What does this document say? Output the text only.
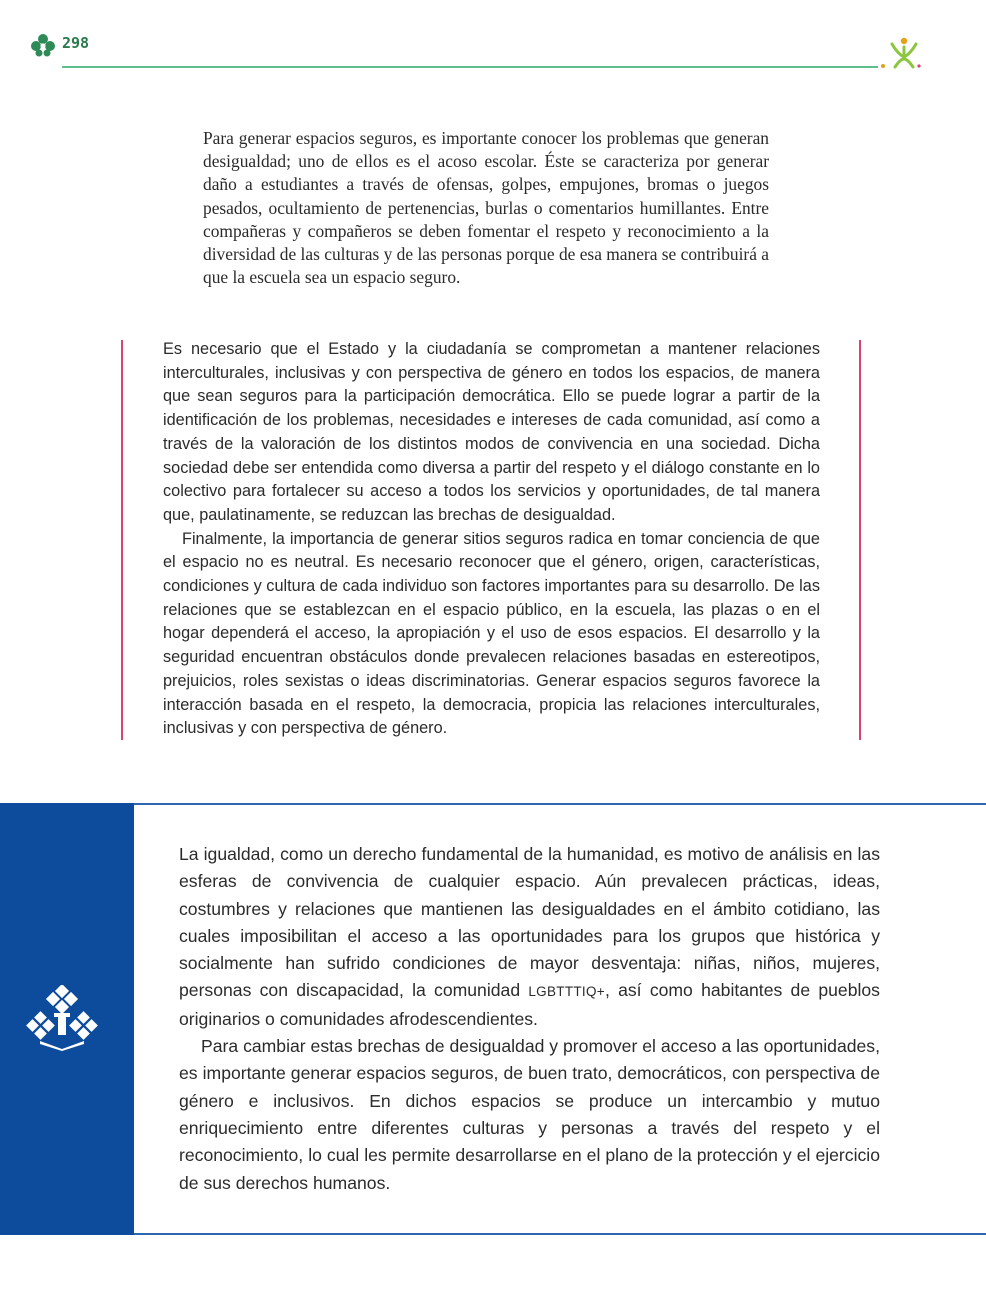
298

Para generar espacios seguros, es importante conocer los problemas que generan desigualdad; uno de ellos es el acoso escolar. Éste se caracteriza por generar daño a estudiantes a través de ofensas, golpes, empujones, bromas o juegos pesados, ocultamiento de pertenencias, burlas o comentarios humillantes. Entre compañeras y compañeros se deben fomentar el respeto y reconocimiento a la diversidad de las culturas y de las personas porque de esa manera se contribuirá a que la escuela sea un espacio seguro.

Es necesario que el Estado y la ciudadanía se comprometan a mantener relaciones interculturales, inclusivas y con perspectiva de género en todos los espacios, de manera que sean seguros para la participación democrática. Ello se puede lograr a partir de la identificación de los problemas, necesidades e intereses de cada comunidad, así como a través de la valoración de los distintos modos de convivencia en una sociedad. Dicha sociedad debe ser entendida como diversa a partir del respeto y el diálogo constante en lo colectivo para fortalecer su acceso a todos los servicios y oportunidades, de tal manera que, paulatinamente, se reduzcan las brechas de desigualdad.

Finalmente, la importancia de generar sitios seguros radica en tomar conciencia de que el espacio no es neutral. Es necesario reconocer que el género, origen, características, condiciones y cultura de cada individuo son factores importantes para su desarrollo. De las relaciones que se establezcan en el espacio público, en la escuela, las plazas o en el hogar dependerá el acceso, la apropiación y el uso de esos espacios. El desarrollo y la seguridad encuentran obstáculos donde prevalecen relaciones basadas en estereotipos, prejuicios, roles sexistas o ideas discriminatorias. Generar espacios seguros favorece la interacción basada en el respeto, la democracia, propicia las relaciones interculturales, inclusivas y con perspectiva de género.

La igualdad, como un derecho fundamental de la humanidad, es motivo de análisis en las esferas de convivencia de cualquier espacio. Aún prevalecen prácticas, ideas, costumbres y relaciones que mantienen las desigualdades en el ámbito cotidiano, las cuales imposibilitan el acceso a las oportunidades para los grupos que histórica y socialmente han sufrido condiciones de mayor desventaja: niñas, niños, mujeres, personas con discapacidad, la comunidad LGBTTTIQ+, así como habitantes de pueblos originarios o comunidades afrodescendientes.

Para cambiar estas brechas de desigualdad y promover el acceso a las oportunidades, es importante generar espacios seguros, de buen trato, democráticos, con perspectiva de género e inclusivos. En dichos espacios se produce un intercambio y mutuo enriquecimiento entre diferentes culturas y personas a través del respeto y el reconocimiento, lo cual les permite desarrollarse en el plano de la protección y el ejercicio de sus derechos humanos.
